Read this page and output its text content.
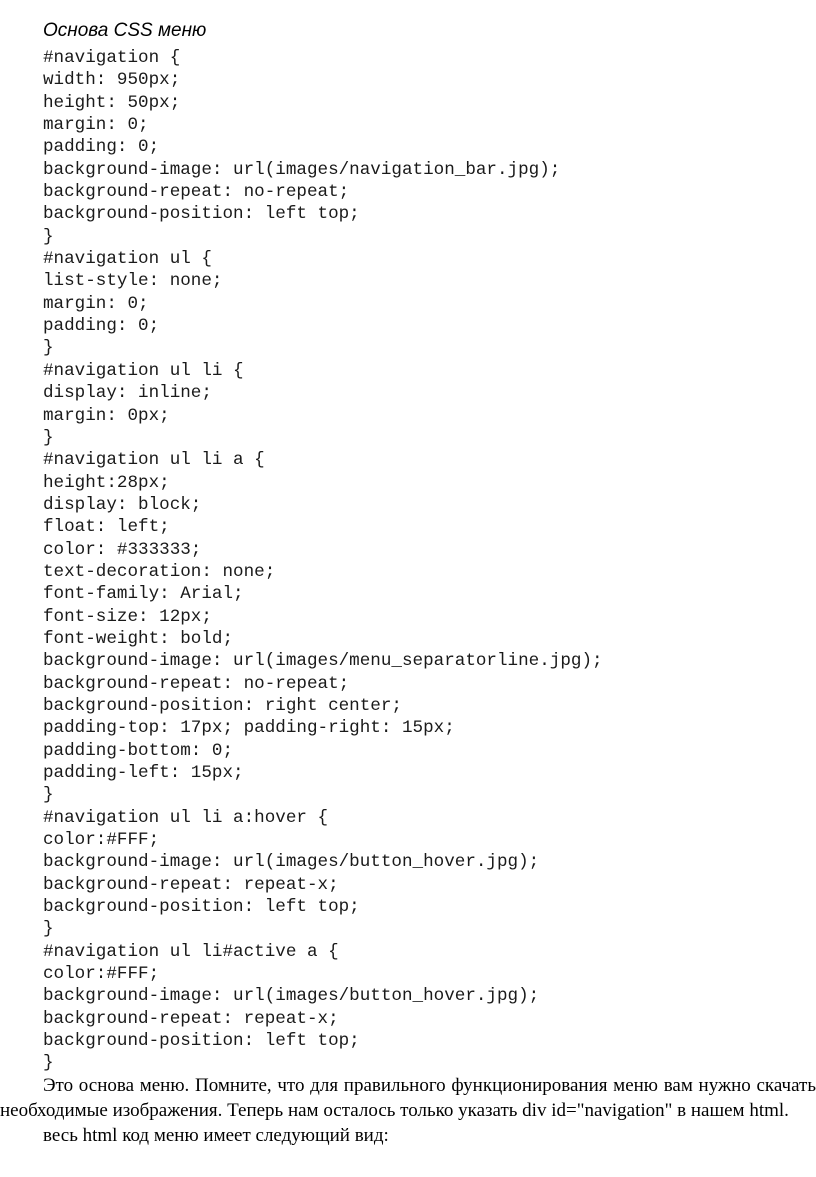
Основа CSS меню
#navigation {
width: 950px;
height: 50px;
margin: 0;
padding: 0;
background-image: url(images/navigation_bar.jpg);
background-repeat: no-repeat;
background-position: left top;
}
#navigation ul {
list-style: none;
margin: 0;
padding: 0;
}
#navigation ul li {
display: inline;
margin: 0px;
}
#navigation ul li a {
height:28px;
display: block;
float: left;
color: #333333;
text-decoration: none;
font-family: Arial;
font-size: 12px;
font-weight: bold;
background-image: url(images/menu_separatorline.jpg);
background-repeat: no-repeat;
background-position: right center;
padding-top: 17px; padding-right: 15px;
padding-bottom: 0;
padding-left: 15px;
}
#navigation ul li a:hover {
color:#FFF;
background-image: url(images/button_hover.jpg);
background-repeat: repeat-x;
background-position: left top;
}
#navigation ul li#active a {
color:#FFF;
background-image: url(images/button_hover.jpg);
background-repeat: repeat-x;
background-position: left top;
}

Это основа меню. Помните, что для правильного функционирования меню вам нужно скачать необходимые изображения. Теперь нам осталось только указать div id="navigation" в нашем html.

весь html код меню имеет следующий вид:
